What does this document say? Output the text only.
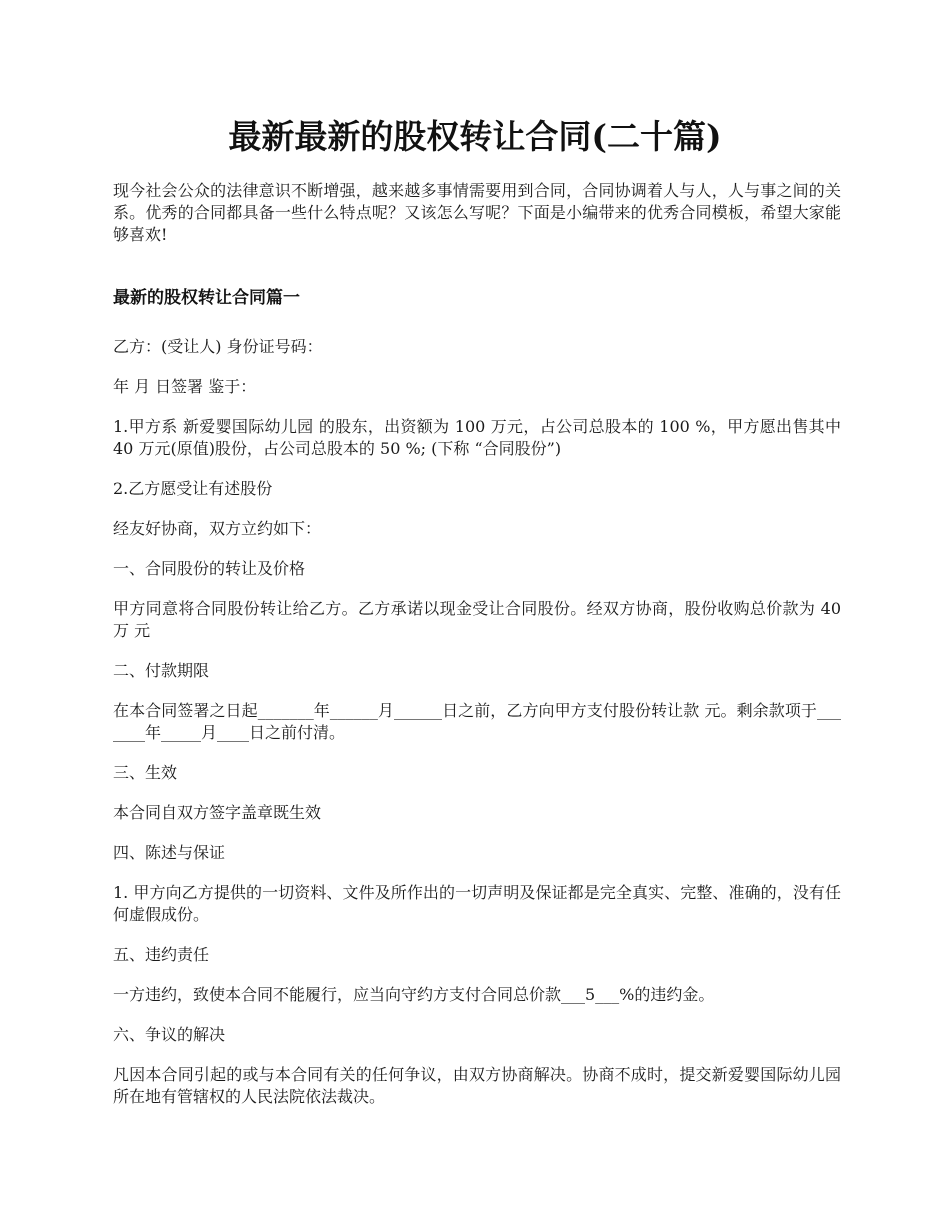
最新最新的股权转让合同(二十篇)

现今社会公众的法律意识不断增强，越来越多事情需要用到合同，合同协调着人与人，人与事之间的关系。优秀的合同都具备一些什么特点呢？又该怎么写呢？下面是小编带来的优秀合同模板，希望大家能够喜欢!

最新的股权转让合同篇一

乙方：(受让人) 身份证号码：

年 月 日签署 鉴于：

1.甲方系 新爱婴国际幼儿园 的股东，出资额为 100 万元，占公司总股本的 100 %，甲方愿出售其中 40 万元(原值)股份，占公司总股本的 50 %; (下称 “合同股份”)

2.乙方愿受让有述股份

经友好协商，双方立约如下：

一、合同股份的转让及价格

甲方同意将合同股份转让给乙方。乙方承诺以现金受让合同股份。经双方协商，股份收购总价款为 40 万 元

二、付款期限

在本合同签署之日起_______年______月______日之前，乙方向甲方支付股份转让款 元。剩余款项于_______年_____月____日之前付清。

三、生效

本合同自双方签字盖章既生效

四、陈述与保证

1. 甲方向乙方提供的一切资料、文件及所作出的一切声明及保证都是完全真实、完整、准确的，没有任何虚假成份。

五、违约责任

一方违约，致使本合同不能履行，应当向守约方支付合同总价款___5___%的违约金。

六、争议的解决

凡因本合同引起的或与本合同有关的任何争议，由双方协商解决。协商不成时，提交新爱婴国际幼儿园所在地有管辖权的人民法院依法裁决。
